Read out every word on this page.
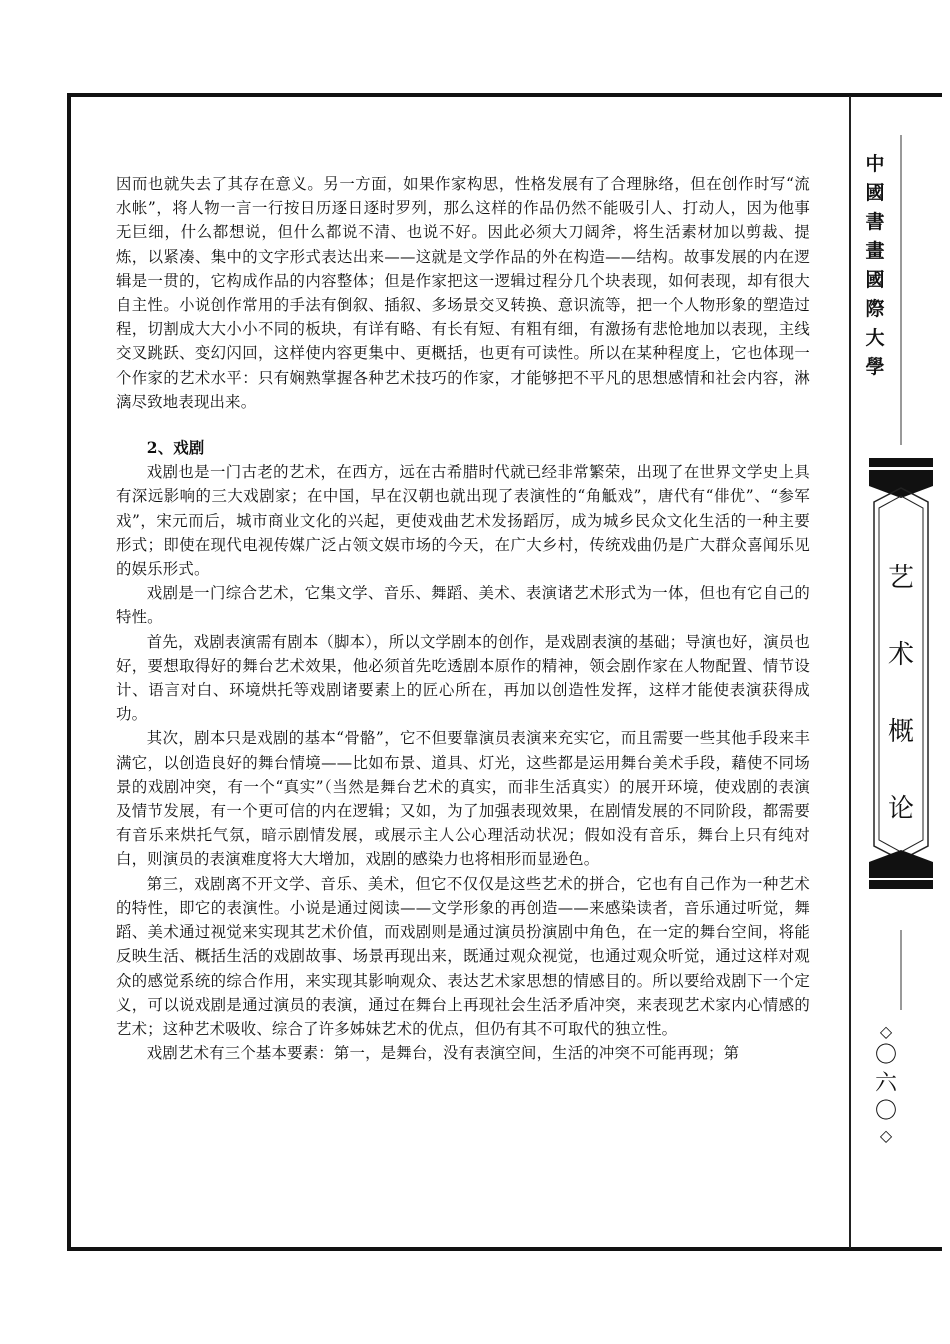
因而也就失去了其存在意义。另一方面，如果作家构思，性格发展有了合理脉络，但在创作时写“流水帐”，将人物一言一行按日历逐日逐时罗列，那么这样的作品仍然不能吸引人、打动人，因为他事无巨细，什么都想说，但什么都说不清、也说不好。因此必须大刀阔斧，将生活素材加以剪裁、提炼，以紧凑、集中的文字形式表达出来——这就是文学作品的外在构造——结构。故事发展的内在逻辑是一贯的，它构成作品的内容整体；但是作家把这一逻辑过程分几个块表现，如何表现，却有很大自主性。小说创作常用的手法有倒叙、插叙、多场景交叉转换、意识流等，把一个人物形象的塑造过程，切割成大大小小不同的板块，有详有略、有长有短、有粗有细，有激扬有悲怆地加以表现，主线交叉跳跃、变幻闪回，这样使内容更集中、更概括，也更有可读性。所以在某种程度上，它也体现一个作家的艺术水平：只有娴熟掌握各种艺术技巧的作家，才能够把不平凡的思想感情和社会内容，淋漓尽致地表现出来。

2、戏剧

戏剧也是一门古老的艺术，在西方，远在古希腊时代就已经非常繁荣，出现了在世界文学史上具有深远影响的三大戏剧家；在中国，早在汉朝也就出现了表演性的“角觝戏”，唐代有“俳优”、“参军戏”，宋元而后，城市商业文化的兴起，更使戏曲艺术发扬蹈厉，成为城乡民众文化生活的一种主要形式；即使在现代电视传媒广泛占领文娱市场的今天，在广大乡村，传统戏曲仍是广大群众喜闻乐见的娱乐形式。

戏剧是一门综合艺术，它集文学、音乐、舞蹈、美术、表演诸艺术形式为一体，但也有它自己的特性。

首先，戏剧表演需有剧本（脚本），所以文学剧本的创作，是戏剧表演的基础；导演也好，演员也好，要想取得好的舞台艺术效果，他必须首先吃透剧本原作的精神，领会剧作家在人物配置、情节设计、语言对白、环境烘托等戏剧诸要素上的匠心所在，再加以创造性发挥，这样才能使表演获得成功。

其次，剧本只是戏剧的基本“骨骼”，它不但要靠演员表演来充实它，而且需要一些其他手段来丰满它，以创造良好的舞台情境——比如布景、道具、灯光，这些都是运用舞台美术手段，藉使不同场景的戏剧冲突，有一个“真实”（当然是舞台艺术的真实，而非生活真实）的展开环境，使戏剧的表演及情节发展，有一个更可信的内在逻辑；又如，为了加强表现效果，在剧情发展的不同阶段，都需要有音乐来烘托气氛，暗示剧情发展，或展示主人公心理活动状况；假如没有音乐，舞台上只有纯对白，则演员的表演难度将大大增加，戏剧的感染力也将相形而显逊色。

第三，戏剧离不开文学、音乐、美术，但它不仅仅是这些艺术的拼合，它也有自己作为一种艺术的特性，即它的表演性。小说是通过阅读——文学形象的再创造——来感染读者，音乐通过听觉，舞蹈、美术通过视觉来实现其艺术价值，而戏剧则是通过演员扮演剧中角色，在一定的舞台空间，将能反映生活、概括生活的戏剧故事、场景再现出来，既通过观众视觉，也通过观众听觉，通过这样对观众的感觉系统的综合作用，来实现其影响观众、表达艺术家思想的情感目的。所以要给戏剧下一个定义，可以说戏剧是通过演员的表演，通过在舞台上再现社会生活矛盾冲突，来表现艺术家内心情感的艺术；这种艺术吸收、综合了许多姊妹艺术的优点，但仍有其不可取代的独立性。

戏剧艺术有三个基本要素：第一，是舞台，没有表演空间，生活的冲突不可能再现；第

中
國
書
畫
國
際
大
學
艺
术
概
论
◇
〇
六
〇
◇
